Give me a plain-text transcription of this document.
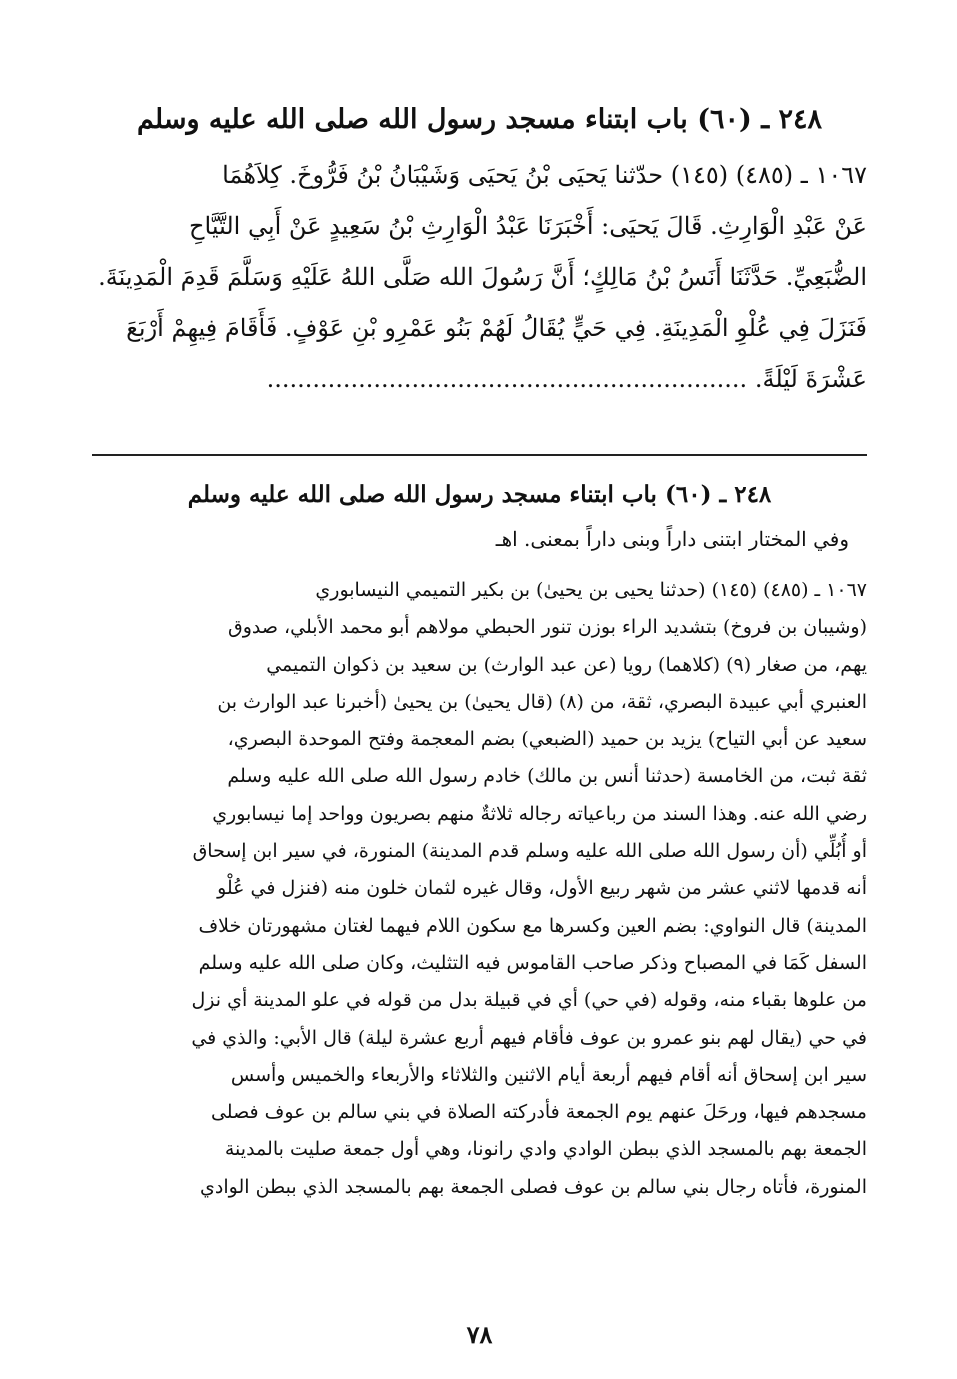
٢٤٨ ـ (٦٠) باب ابتناء مسجد رسول الله صلى الله عليه وسلم
١٠٦٧ ـ (٤٨٥) (١٤٥) حدّثنا يَحيَى بْنُ يَحيَى وَشَيْبَانُ بْنُ فَرُّوخَ. كِلاَهُمَا
عَنْ عَبْدِ الْوَارِثِ. قَالَ يَحيَى: أَخْبَرَنَا عَبْدُ الْوَارِثِ بْنُ سَعِيدٍ عَنْ أَبِي التَّيَّاحِ
الضُّبَعِيِّ. حَدَّثَنَا أَنَسُ بْنُ مَالِكٍ؛ أَنَّ رَسُولَ الله صَلَّى اللهُ عَلَيْهِ وَسَلَّمَ قَدِمَ الْمَدِينَةَ.
فَنَزَلَ فِي عُلْوِ الْمَدِينَةِ. فِي حَيٍّ يُقَالُ لَهُمْ بَنُو عَمْرِو بْنِ عَوْفٍ. فَأَقَامَ فِيهِمْ أَرْبَعَ
عَشْرَةَ لَيْلَةً. ...............................................................
٢٤٨ ـ (٦٠) باب ابتناء مسجد رسول الله صلى الله عليه وسلم
وفي المختار ابتنى داراً وبنى داراً بمعنى. اهـ
١٠٦٧ ـ (٤٨٥) (١٤٥) (حدثنا يحيى بن يحيىٰ) بن بكير التميمي النيسابوري
(وشيبان بن فروخ) بتشديد الراء بوزن تنور الحبطي مولاهم أبو محمد الأبلي، صدوق
يهم، من صغار (٩) (كلاهما) رويا (عن عبد الوارث) بن سعيد بن ذكوان التميمي
العنبري أبي عبيدة البصري، ثقة، من (٨) (قال يحيىٰ) بن يحيىٰ (أخبرنا عبد الوارث بن
سعيد عن أبي التياح) يزيد بن حميد (الضبعي) بضم المعجمة وفتح الموحدة البصري،
ثقة ثبت، من الخامسة (حدثنا أنس بن مالك) خادم رسول الله صلى الله عليه وسلم
رضي الله عنه. وهذا السند من رباعياته رجاله ثلاثةٌ منهم بصريون وواحد إما نيسابوري
أو أُبُلِّي (أن رسول الله صلى الله عليه وسلم قدم المدينة) المنورة، في سير ابن إسحاق
أنه قدمها لاثني عشر من شهر ربيع الأول، وقال غيره لثمان خلون منه (فنزل في عُلْو
المدينة) قال النواوي: بضم العين وكسرها مع سكون اللام فيهما لغتان مشهورتان خلاف
السفل كَمَا في المصباح وذكر صاحب القاموس فيه التثليث، وكان صلى الله عليه وسلم
من علوها بقباء منه، وقوله (في حي) أي في قبيلة بدل من قوله في علو المدينة أي نزل
في حي (يقال لهم بنو عمرو بن عوف فأقام فيهم أربع عشرة ليلة) قال الأبي: والذي في
سير ابن إسحاق أنه أقام فيهم أربعة أيام الاثنين والثلاثاء والأربعاء والخميس وأسس
مسجدهم فيها، ورحَلَ عنهم يوم الجمعة فأدركته الصلاة في بني سالم بن عوف فصلى
الجمعة بهم بالمسجد الذي ببطن الوادي وادي رانونا، وهي أول جمعة صليت بالمدينة
المنورة، فأتاه رجال بني سالم بن عوف فصلى الجمعة بهم بالمسجد الذي ببطن الوادي
٧٨
